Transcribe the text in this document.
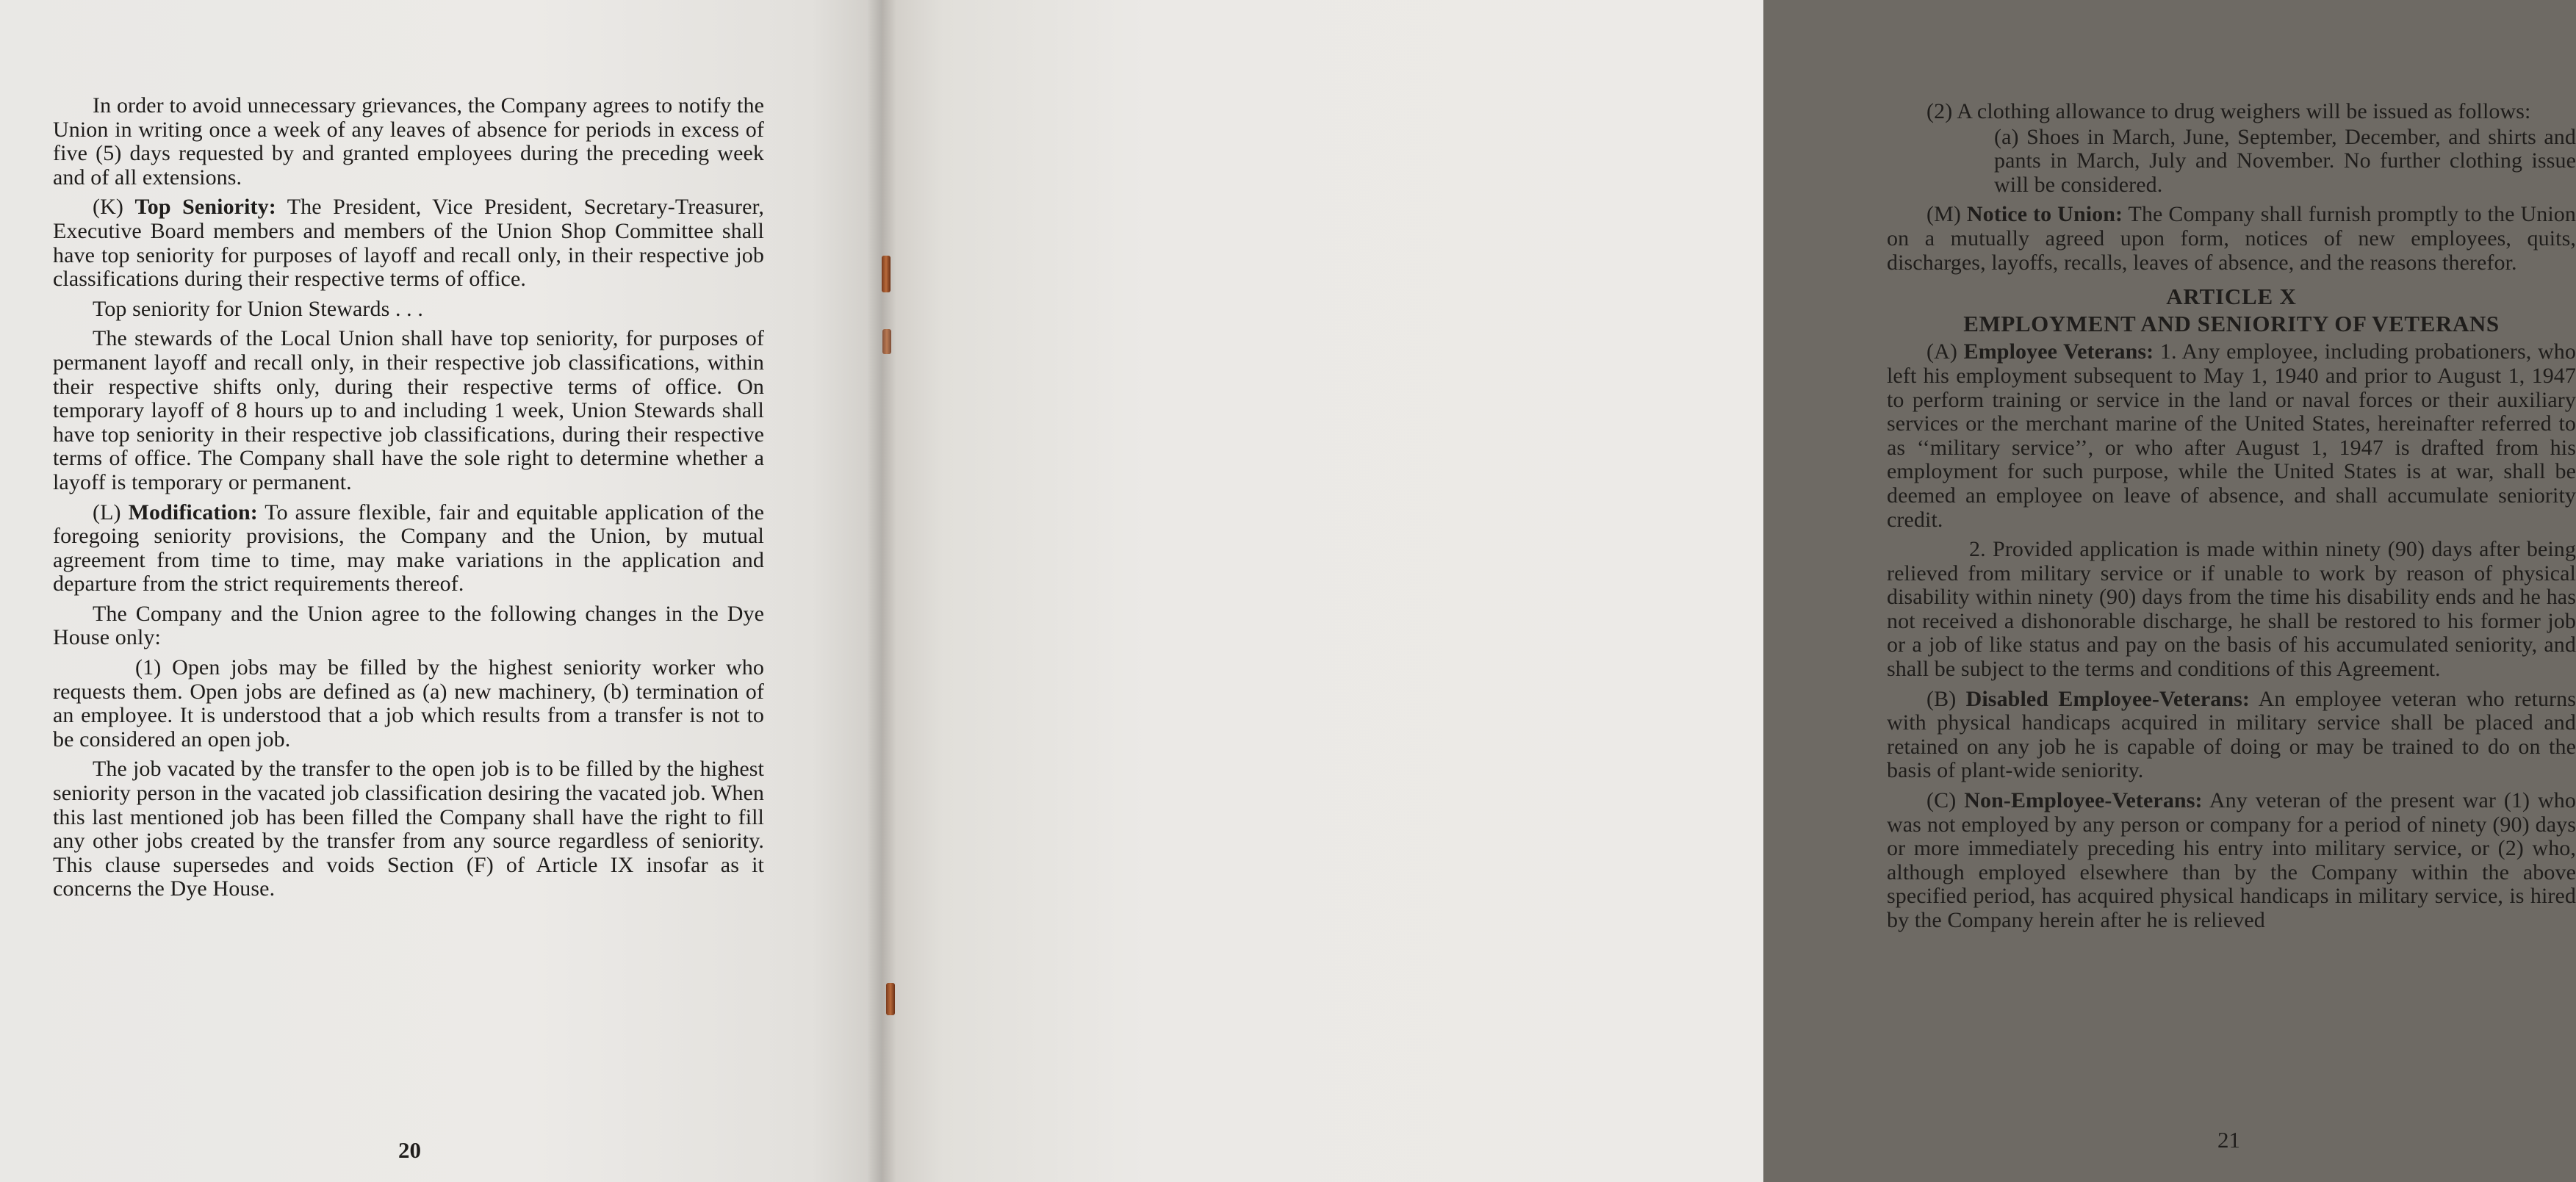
In order to avoid unnecessary grievances, the Company agrees to notify the Union in writing once a week of any leaves of absence for periods in excess of five (5) days requested by and granted employees during the preceding week and of all extensions.

(K) Top Seniority: The President, Vice President, Secretary-Treasurer, Executive Board members and members of the Union Shop Committee shall have top seniority for purposes of layoff and recall only, in their respective job classifications during their respective terms of office.

Top seniority for Union Stewards . . .

The stewards of the Local Union shall have top seniority, for purposes of permanent layoff and recall only, in their respective job classifications, within their respective shifts only, during their respective terms of office. On temporary layoff of 8 hours up to and including 1 week, Union Stewards shall have top seniority in their respective job classifications, during their respective terms of office. The Company shall have the sole right to determine whether a layoff is temporary or permanent.

(L) Modification: To assure flexible, fair and equitable application of the foregoing seniority provisions, the Company and the Union, by mutual agreement from time to time, may make variations in the application and departure from the strict requirements thereof.

The Company and the Union agree to the following changes in the Dye House only:

(1) Open jobs may be filled by the highest seniority worker who requests them. Open jobs are defined as (a) new machinery, (b) termination of an employee. It is understood that a job which results from a transfer is not to be considered an open job.

The job vacated by the transfer to the open job is to be filled by the highest seniority person in the vacated job classification desiring the vacated job. When this last mentioned job has been filled the Company shall have the right to fill any other jobs created by the transfer from any source regardless of seniority. This clause supersedes and voids Section (F) of Article IX insofar as it concerns the Dye House.

20

(2) A clothing allowance to drug weighers will be issued as follows:

(a) Shoes in March, June, September, December, and shirts and pants in March, July and November. No further clothing issue will be considered.

(M) Notice to Union: The Company shall furnish promptly to the Union on a mutually agreed upon form, notices of new employees, quits, discharges, layoffs, recalls, leaves of absence, and the reasons therefor.

ARTICLE X
EMPLOYMENT AND SENIORITY OF VETERANS

(A) Employee Veterans: 1. Any employee, including probationers, who left his employment subsequent to May 1, 1940 and prior to August 1, 1947 to perform training or service in the land or naval forces or their auxiliary services or the merchant marine of the United States, hereinafter referred to as ‘‘military service’’, or who after August 1, 1947 is drafted from his employment for such purpose, while the United States is at war, shall be deemed an employee on leave of absence, and shall accumulate seniority credit.

2. Provided application is made within ninety (90) days after being relieved from military service or if unable to work by reason of physical disability within ninety (90) days from the time his disability ends and he has not received a dishonorable discharge, he shall be restored to his former job or a job of like status and pay on the basis of his accumulated seniority, and shall be subject to the terms and conditions of this Agreement.

(B) Disabled Employee-Veterans: An employee veteran who returns with physical handicaps acquired in military service shall be placed and retained on any job he is capable of doing or may be trained to do on the basis of plant-wide seniority.

(C) Non-Employee-Veterans: Any veteran of the present war (1) who was not employed by any person or company for a period of ninety (90) days or more immediately preceding his entry into military service, or (2) who, although employed elsewhere than by the Company within the above specified period, has acquired physical handicaps in military service, is hired by the Company herein after he is relieved

21
